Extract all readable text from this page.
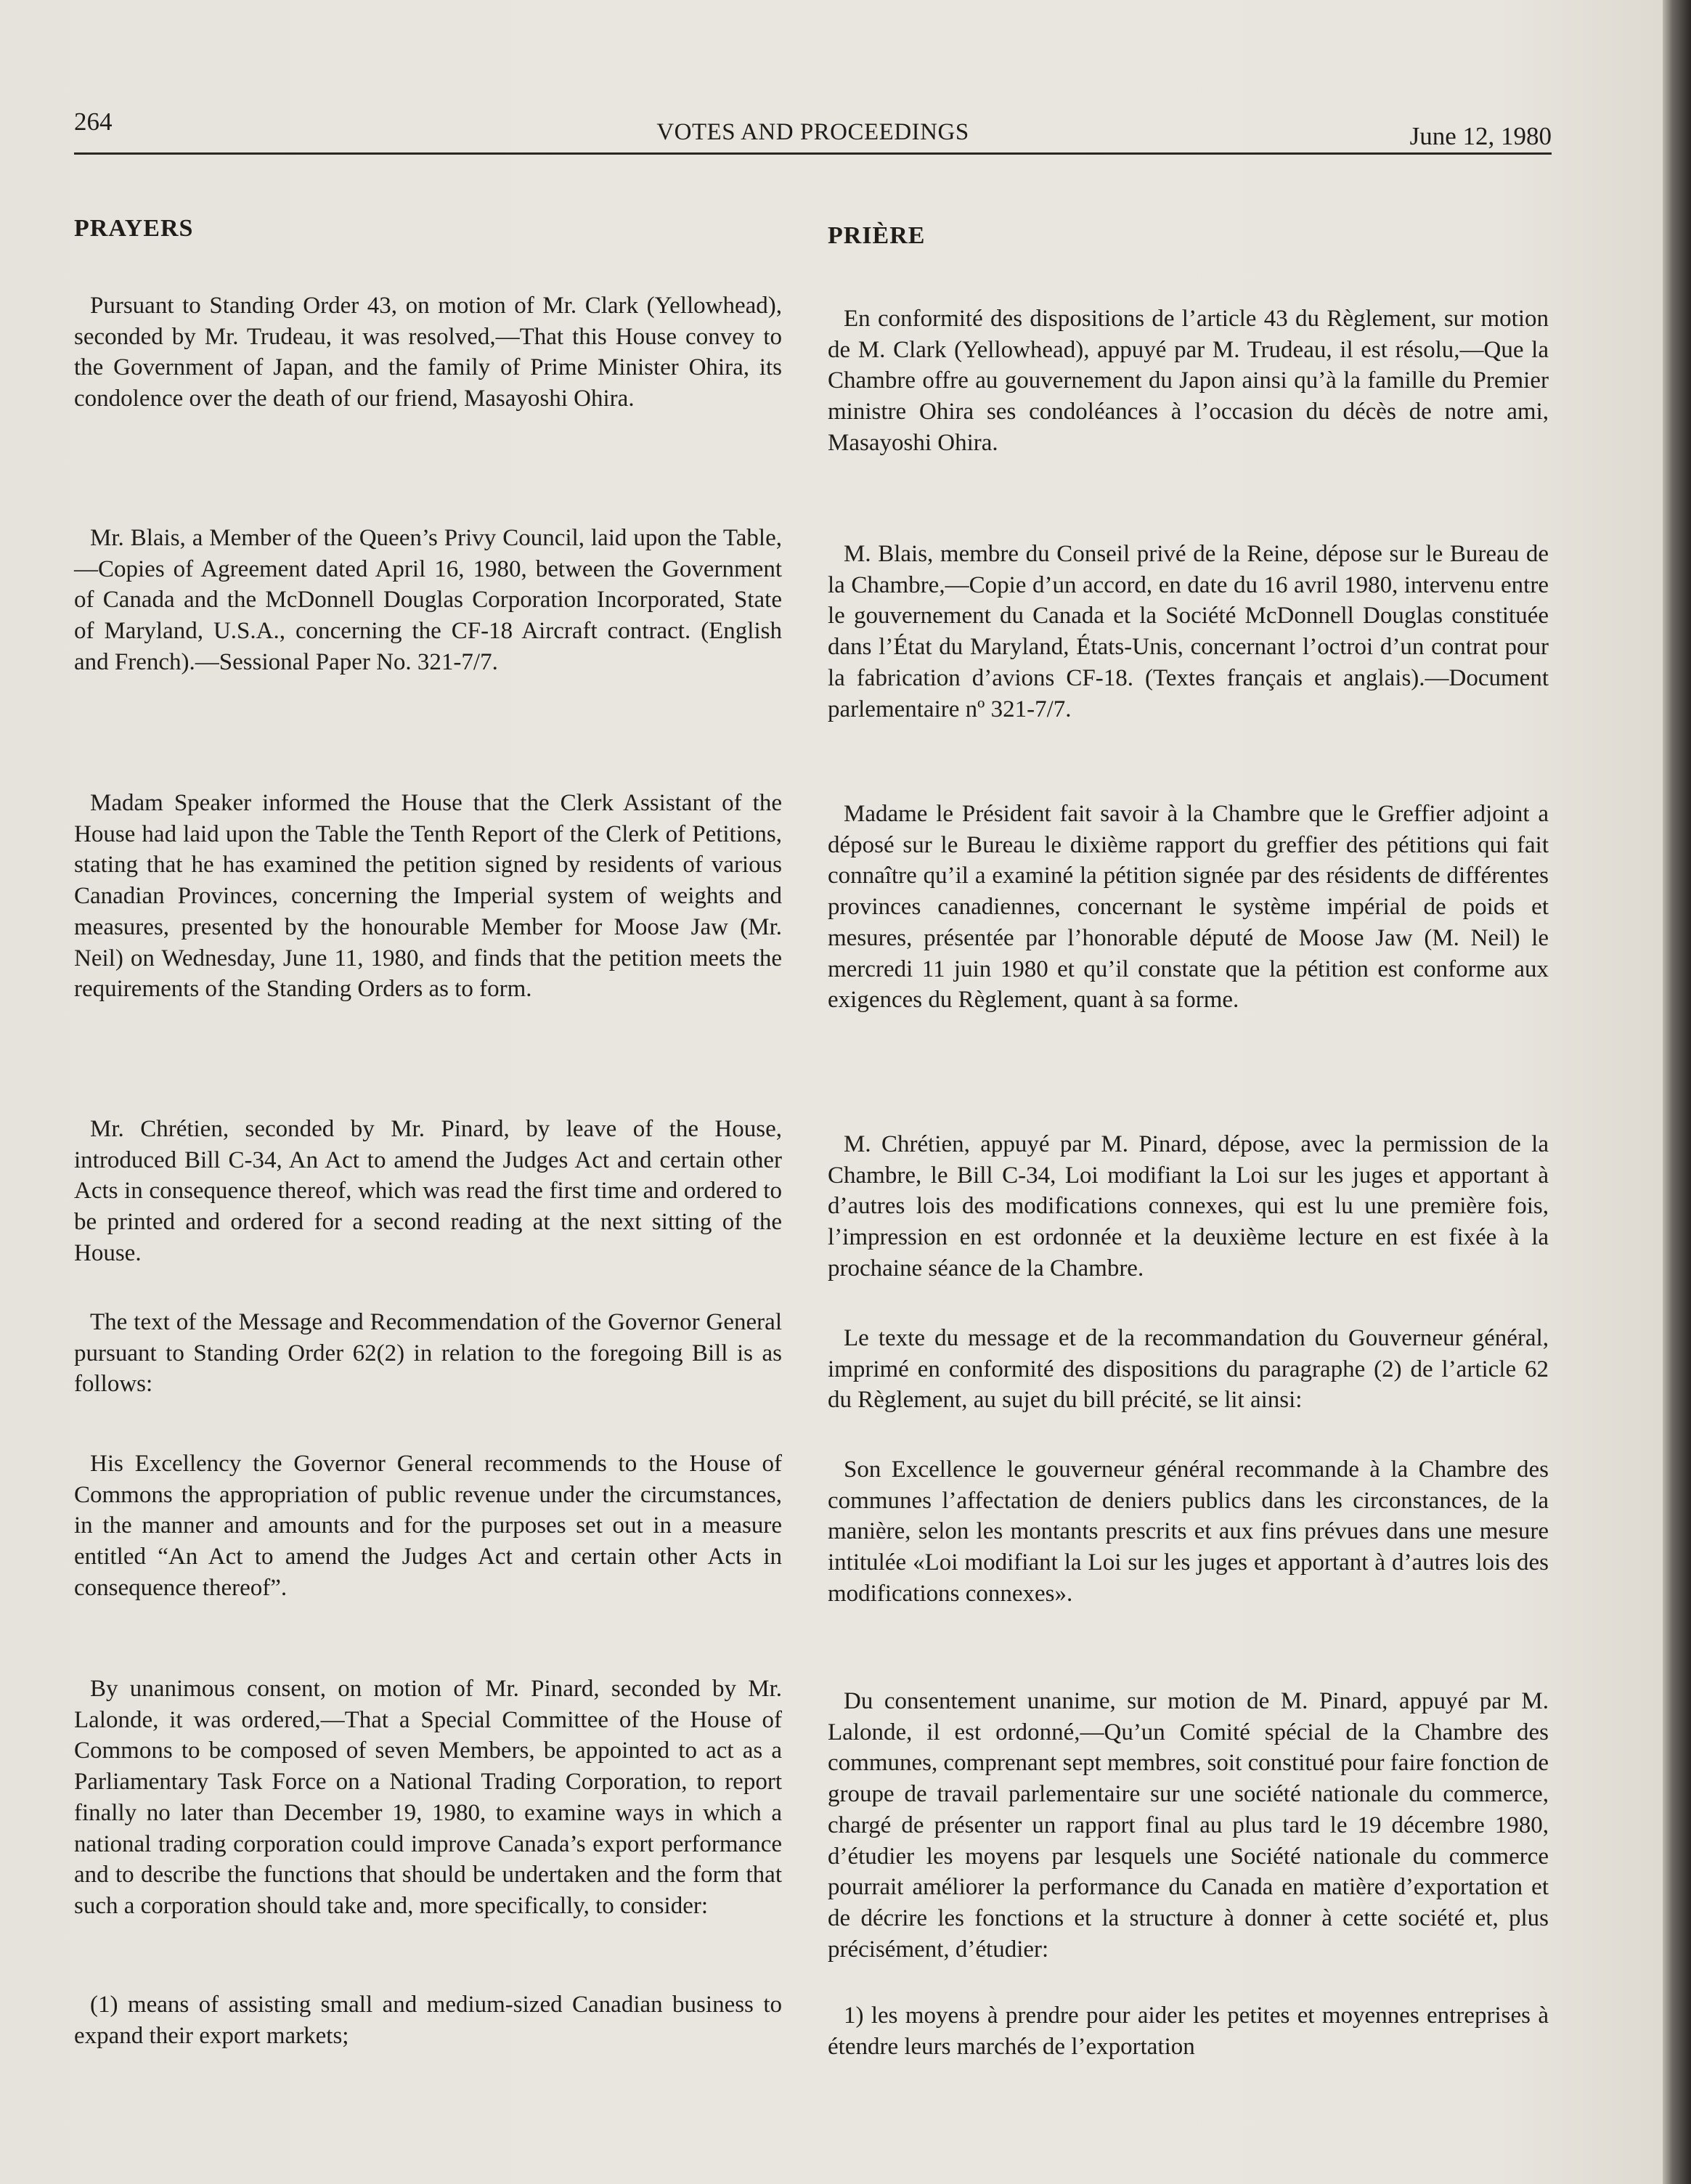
264	VOTES AND PROCEEDINGS	June 12, 1980
PRAYERS

Pursuant to Standing Order 43, on motion of Mr. Clark (Yellowhead), seconded by Mr. Trudeau, it was resolved,—That this House convey to the Government of Japan, and the family of Prime Minister Ohira, its condolence over the death of our friend, Masayoshi Ohira.

Mr. Blais, a Member of the Queen’s Privy Council, laid upon the Table,—Copies of Agreement dated April 16, 1980, between the Government of Canada and the McDonnell Douglas Corporation Incorporated, State of Maryland, U.S.A., concerning the CF-18 Aircraft contract. (English and French).—Sessional Paper No. 321-7/7.

Madam Speaker informed the House that the Clerk Assistant of the House had laid upon the Table the Tenth Report of the Clerk of Petitions, stating that he has examined the petition signed by residents of various Canadian Provinces, concerning the Imperial system of weights and measures, presented by the honourable Member for Moose Jaw (Mr. Neil) on Wednesday, June 11, 1980, and finds that the petition meets the requirements of the Standing Orders as to form.

Mr. Chrétien, seconded by Mr. Pinard, by leave of the House, introduced Bill C-34, An Act to amend the Judges Act and certain other Acts in consequence thereof, which was read the first time and ordered to be printed and ordered for a second reading at the next sitting of the House.

The text of the Message and Recommendation of the Governor General pursuant to Standing Order 62(2) in relation to the foregoing Bill is as follows:

His Excellency the Governor General recommends to the House of Commons the appropriation of public revenue under the circumstances, in the manner and amounts and for the purposes set out in a measure entitled “An Act to amend the Judges Act and certain other Acts in consequence thereof”.

By unanimous consent, on motion of Mr. Pinard, seconded by Mr. Lalonde, it was ordered,—That a Special Committee of the House of Commons to be composed of seven Members, be appointed to act as a Parliamentary Task Force on a National Trading Corporation, to report finally no later than December 19, 1980, to examine ways in which a national trading corporation could improve Canada’s export performance and to describe the functions that should be undertaken and the form that such a corporation should take and, more specifically, to consider:

(1) means of assisting small and medium-sized Canadian business to expand their export markets;

PRIÈRE

En conformité des dispositions de l’article 43 du Règlement, sur motion de M. Clark (Yellowhead), appuyé par M. Trudeau, il est résolu,—Que la Chambre offre au gouvernement du Japon ainsi qu’à la famille du Premier ministre Ohira ses condoléances à l’occasion du décès de notre ami, Masayoshi Ohira.

M. Blais, membre du Conseil privé de la Reine, dépose sur le Bureau de la Chambre,—Copie d’un accord, en date du 16 avril 1980, intervenu entre le gouvernement du Canada et la Société McDonnell Douglas constituée dans l’État du Maryland, États-Unis, concernant l’octroi d’un contrat pour la fabrication d’avions CF-18. (Textes français et anglais).—Document parlementaire nº 321-7/7.

Madame le Président fait savoir à la Chambre que le Greffier adjoint a déposé sur le Bureau le dixième rapport du greffier des pétitions qui fait connaître qu’il a examiné la pétition signée par des résidents de différentes provinces canadiennes, concernant le système impérial de poids et mesures, présentée par l’honorable député de Moose Jaw (M. Neil) le mercredi 11 juin 1980 et qu’il constate que la pétition est conforme aux exigences du Règlement, quant à sa forme.

M. Chrétien, appuyé par M. Pinard, dépose, avec la permission de la Chambre, le Bill C-34, Loi modifiant la Loi sur les juges et apportant à d’autres lois des modifications connexes, qui est lu une première fois, l’impression en est ordonnée et la deuxième lecture en est fixée à la prochaine séance de la Chambre.

Le texte du message et de la recommandation du Gouverneur général, imprimé en conformité des dispositions du paragraphe (2) de l’article 62 du Règlement, au sujet du bill précité, se lit ainsi:

Son Excellence le gouverneur général recommande à la Chambre des communes l’affectation de deniers publics dans les circonstances, de la manière, selon les montants prescrits et aux fins prévues dans une mesure intitulée «Loi modifiant la Loi sur les juges et apportant à d’autres lois des modifications connexes».

Du consentement unanime, sur motion de M. Pinard, appuyé par M. Lalonde, il est ordonné,—Qu’un Comité spécial de la Chambre des communes, comprenant sept membres, soit constitué pour faire fonction de groupe de travail parlementaire sur une société nationale du commerce, chargé de présenter un rapport final au plus tard le 19 décembre 1980, d’étudier les moyens par lesquels une Société nationale du commerce pourrait améliorer la performance du Canada en matière d’exportation et de décrire les fonctions et la structure à donner à cette société et, plus précisément, d’étudier:

1) les moyens à prendre pour aider les petites et moyennes entreprises à étendre leurs marchés de l’exportation
